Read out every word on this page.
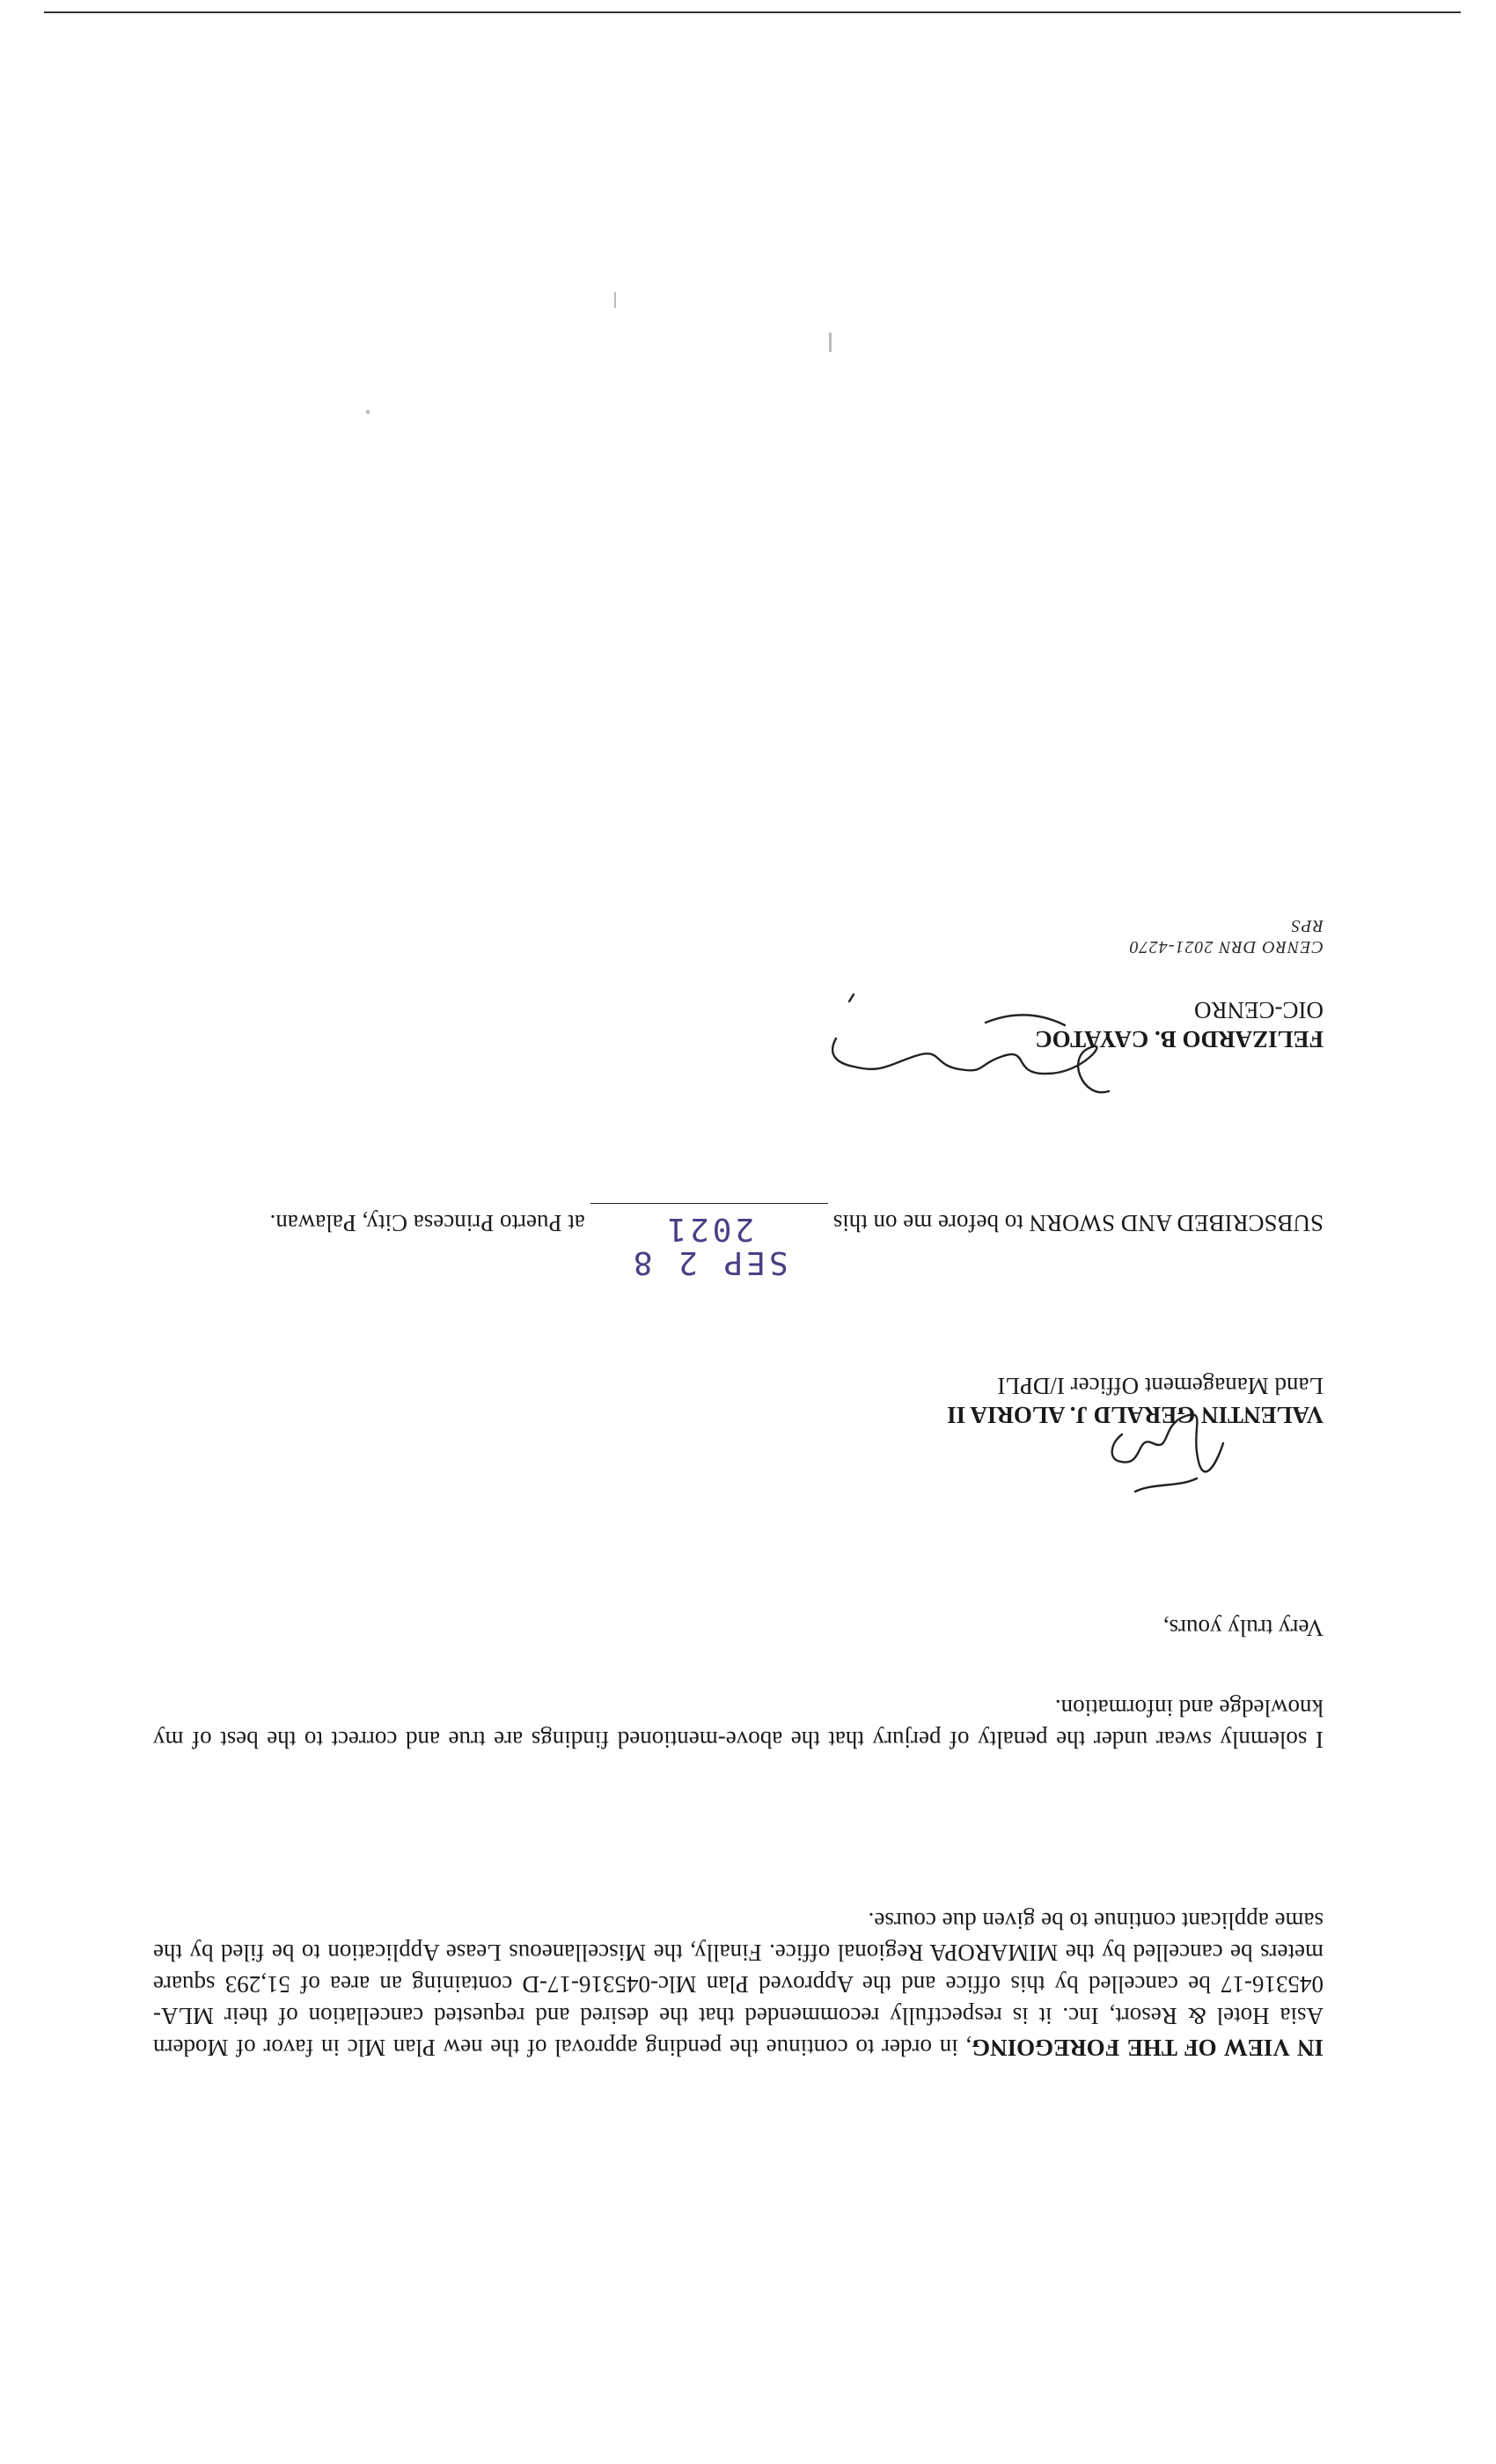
CENRO DRN 2021-4270
RPS
FELIZARDO B. CAYATOC
OIC-CENRO

SUBSCRIBED AND SWORN to before me on thisSEP 2 8 2021at Puerto Princesa City, Palawan.

VALENTIN GERALD J. ALORIA II
Land Management Officer I/DPLI
Very truly yours,

I solemnly swear under the penalty of perjury that the above-mentioned findings are true and correct to the best of my knowledge and information.

IN VIEW OF THE FOREGOING, in order to continue the pending approval of the new Plan Mlc in favor of Modern Asia Hotel & Resort, Inc. it is respectfully recommended that the desired and requested cancellation of their MLA-045316-17 be cancelled by this office and the Approved Plan Mlc-045316-17-D containing an area of 51,293 square meters be cancelled by the MIMAROPA Regional office. Finally, the Miscellaneous Lease Application to be filed by the same applicant continue to be given due course.
